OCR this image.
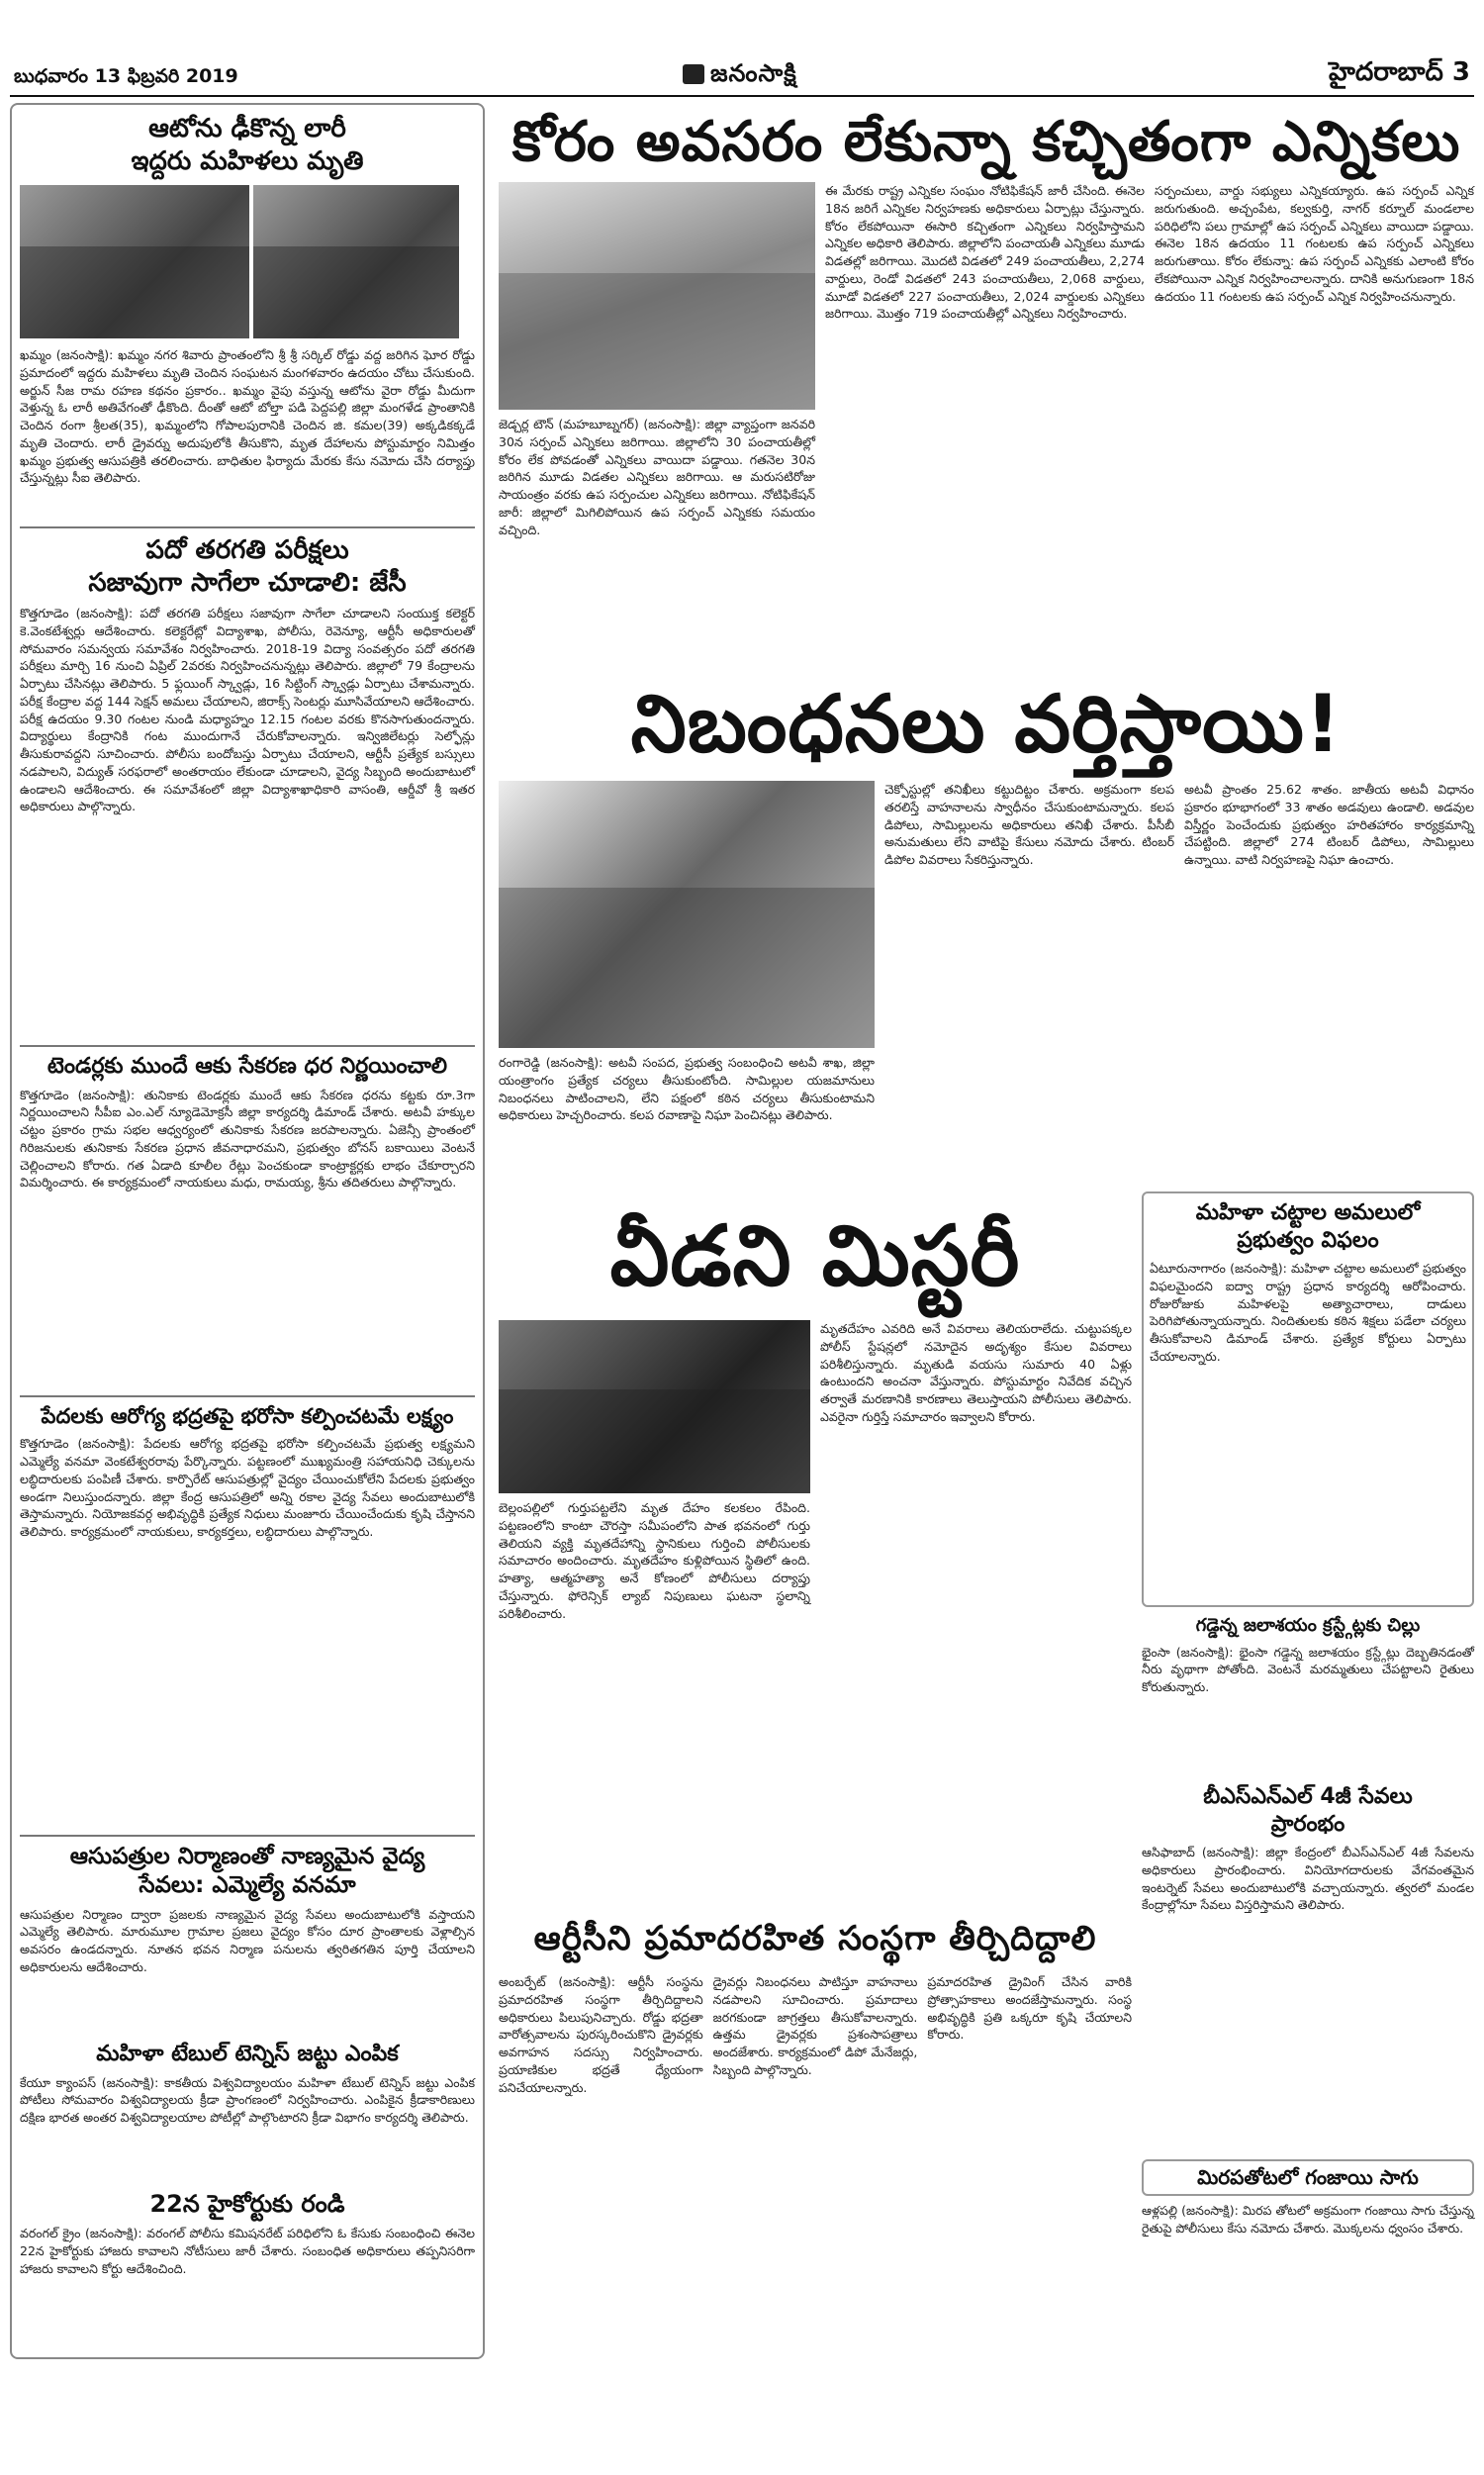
బుధవారం 13 ఫిబ్రవరి 2019	జనంసాక్షి	హైదరాబాద్ 3
ఆటోను ఢీకొన్న లారీ
ఇద్దరు మహిళలు మృతి
ఖమ్మం (జనంసాక్షి): ఖమ్మం నగర శివారు ప్రాంతంలోని శ్రీ శ్రీ సర్కిల్ రోడ్డు వద్ద జరిగిన ఘోర రోడ్డు ప్రమాదంలో ఇద్దరు మహిళలు మృతి చెందిన సంఘటన మంగళవారం ఉదయం చోటు చేసుకుంది. అర్జున్ సీజ రామ రహణ కథనం ప్రకారం.. ఖమ్మం వైపు వస్తున్న ఆటోను వైరా రోడ్డు మీదుగా వెళ్తున్న ఓ లారీ అతివేగంతో ఢీకొంది. దీంతో ఆటో బోల్తా పడి పెద్దపల్లి జిల్లా మంగళేడ ప్రాంతానికి చెందిన రంగా శ్రీలత(35), ఖమ్మంలోని గోపాలపురానికి చెందిన జి. కమల(39) అక్కడికక్కడే మృతి చెందారు. లారీ డ్రైవర్ను అదుపులోకి తీసుకొని, మృత దేహాలను పోస్టుమార్టం నిమిత్తం ఖమ్మం ప్రభుత్వ ఆసుపత్రికి తరలించారు. బాధితుల ఫిర్యాదు మేరకు కేసు నమోదు చేసి దర్యాప్తు చేస్తున్నట్లు సీఐ తెలిపారు.
పదో తరగతి పరీక్షలు
సజావుగా సాగేలా చూడాలి: జేసీ
కొత్తగూడెం (జనంసాక్షి): పదో తరగతి పరీక్షలు సజావుగా సాగేలా చూడాలని సంయుక్త కలెక్టర్ కె.వెంకటేశ్వర్లు ఆదేశించారు. కలెక్టరేట్లో విద్యాశాఖ, పోలీసు, రెవెన్యూ, ఆర్టీసీ అధికారులతో సోమవారం సమన్వయ సమావేశం నిర్వహించారు. 2018-19 విద్యా సంవత్సరం పదో తరగతి పరీక్షలు మార్చి 16 నుంచి ఏప్రిల్ 2వరకు నిర్వహించనున్నట్లు తెలిపారు. జిల్లాలో 79 కేంద్రాలను ఏర్పాటు చేసినట్లు తెలిపారు. 5 ఫ్లయింగ్ స్క్వాడ్లు, 16 సిట్టింగ్ స్క్వాడ్లు ఏర్పాటు చేశామన్నారు. పరీక్ష కేంద్రాల వద్ద 144 సెక్షన్ అమలు చేయాలని, జిరాక్స్ సెంటర్లు మూసివేయాలని ఆదేశించారు. పరీక్ష ఉదయం 9.30 గంటల నుండి మధ్యాహ్నం 12.15 గంటల వరకు కొనసాగుతుందన్నారు. విద్యార్థులు కేంద్రానికి గంట ముందుగానే చేరుకోవాలన్నారు. ఇన్విజిలేటర్లు సెల్ఫోన్లు తీసుకురావద్దని సూచించారు. పోలీసు బందోబస్తు ఏర్పాటు చేయాలని, ఆర్టీసీ ప్రత్యేక బస్సులు నడపాలని, విద్యుత్ సరఫరాలో అంతరాయం లేకుండా చూడాలని, వైద్య సిబ్బంది అందుబాటులో ఉండాలని ఆదేశించారు. ఈ సమావేశంలో జిల్లా విద్యాశాఖాధికారి వాసంతి, ఆర్డీవో శ్రీ ఇతర అధికారులు పాల్గొన్నారు.
టెండర్లకు ముందే ఆకు సేకరణ ధర నిర్ణయించాలి
కొత్తగూడెం (జనంసాక్షి): తునికాకు టెండర్లకు ముందే ఆకు సేకరణ ధరను కట్టకు రూ.3గా నిర్ణయించాలని సీపీఐ ఎం.ఎల్ న్యూడెమోక్రసీ జిల్లా కార్యదర్శి డిమాండ్ చేశారు. అటవీ హక్కుల చట్టం ప్రకారం గ్రామ సభల ఆధ్వర్యంలో తునికాకు సేకరణ జరపాలన్నారు. ఏజెన్సీ ప్రాంతంలో గిరిజనులకు తునికాకు సేకరణ ప్రధాన జీవనాధారమని, ప్రభుత్వం బోనస్ బకాయిలు వెంటనే చెల్లించాలని కోరారు. గత ఏడాది కూలీల రేట్లు పెంచకుండా కాంట్రాక్టర్లకు లాభం చేకూర్చారని విమర్శించారు. ఈ కార్యక్రమంలో నాయకులు మధు, రామయ్య, శ్రీను తదితరులు పాల్గొన్నారు.
పేదలకు ఆరోగ్య భద్రతపై భరోసా కల్పించటమే లక్ష్యం
కొత్తగూడెం (జనంసాక్షి): పేదలకు ఆరోగ్య భద్రతపై భరోసా కల్పించటమే ప్రభుత్వ లక్ష్యమని ఎమ్మెల్యే వనమా వెంకటేశ్వరరావు పేర్కొన్నారు. పట్టణంలో ముఖ్యమంత్రి సహాయనిధి చెక్కులను లబ్ధిదారులకు పంపిణీ చేశారు. కార్పొరేట్ ఆసుపత్రుల్లో వైద్యం చేయించుకోలేని పేదలకు ప్రభుత్వం అండగా నిలుస్తుందన్నారు. జిల్లా కేంద్ర ఆసుపత్రిలో అన్ని రకాల వైద్య సేవలు అందుబాటులోకి తెస్తామన్నారు. నియోజకవర్గ అభివృద్ధికి ప్రత్యేక నిధులు మంజూరు చేయించేందుకు కృషి చేస్తానని తెలిపారు. కార్యక్రమంలో నాయకులు, కార్యకర్తలు, లబ్ధిదారులు పాల్గొన్నారు.
ఆసుపత్రుల నిర్మాణంతో నాణ్యమైన వైద్య
సేవలు: ఎమ్మెల్యే వనమా
ఆసుపత్రుల నిర్మాణం ద్వారా ప్రజలకు నాణ్యమైన వైద్య సేవలు అందుబాటులోకి వస్తాయని ఎమ్మెల్యే తెలిపారు. మారుమూల గ్రామాల ప్రజలు వైద్యం కోసం దూర ప్రాంతాలకు వెళ్లాల్సిన అవసరం ఉండదన్నారు. నూతన భవన నిర్మాణ పనులను త్వరితగతిన పూర్తి చేయాలని అధికారులను ఆదేశించారు.
మహిళా టేబుల్ టెన్నిస్ జట్టు ఎంపిక
కేయూ క్యాంపస్ (జనంసాక్షి): కాకతీయ విశ్వవిద్యాలయం మహిళా టేబుల్ టెన్నిస్ జట్టు ఎంపిక పోటీలు సోమవారం విశ్వవిద్యాలయ క్రీడా ప్రాంగణంలో నిర్వహించారు. ఎంపికైన క్రీడాకారిణులు దక్షిణ భారత అంతర విశ్వవిద్యాలయాల పోటీల్లో పాల్గొంటారని క్రీడా విభాగం కార్యదర్శి తెలిపారు.
22న హైకోర్టుకు రండి
వరంగల్ క్రైం (జనంసాక్షి): వరంగల్ పోలీసు కమిషనరేట్ పరిధిలోని ఓ కేసుకు సంబంధించి ఈనెల 22న హైకోర్టుకు హాజరు కావాలని నోటీసులు జారీ చేశారు. సంబంధిత అధికారులు తప్పనిసరిగా హాజరు కావాలని కోర్టు ఆదేశించింది.
కోరం అవసరం లేకున్నా కచ్చితంగా ఎన్నికలు
జెడ్చర్ల టౌన్ (మహబూబ్నగర్) (జనంసాక్షి): జిల్లా వ్యాప్తంగా జనవరి 30న సర్పంచ్ ఎన్నికలు జరిగాయి. జిల్లాలోని 30 పంచాయతీల్లో కోరం లేక పోవడంతో ఎన్నికలు వాయిదా పడ్డాయి. గతనెల 30న జరిగిన మూడు విడతల ఎన్నికలు జరిగాయి. ఆ మరుసటిరోజు సాయంత్రం వరకు ఉప సర్పంచుల ఎన్నికలు జరిగాయి. నోటిఫికేషన్ జారీ: జిల్లాలో మిగిలిపోయిన ఉప సర్పంచ్ ఎన్నికకు సమయం వచ్చింది.
ఈ మేరకు రాష్ట్ర ఎన్నికల సంఘం నోటిఫికేషన్ జారీ చేసింది. ఈనెల 18న జరిగే ఎన్నికల నిర్వహణకు అధికారులు ఏర్పాట్లు చేస్తున్నారు. కోరం లేకపోయినా ఈసారి కచ్చితంగా ఎన్నికలు నిర్వహిస్తామని ఎన్నికల అధికారి తెలిపారు. జిల్లాలోని పంచాయతీ ఎన్నికలు మూడు విడతల్లో జరిగాయి. మొదటి విడతలో 249 పంచాయతీలు, 2,274 వార్డులు, రెండో విడతలో 243 పంచాయతీలు, 2,068 వార్డులు, మూడో విడతలో 227 పంచాయతీలు, 2,024 వార్డులకు ఎన్నికలు జరిగాయి. మొత్తం 719 పంచాయతీల్లో ఎన్నికలు నిర్వహించారు.
సర్పంచులు, వార్డు సభ్యులు ఎన్నికయ్యారు. ఉప సర్పంచ్ ఎన్నిక జరుగుతుంది. అచ్చంపేట, కల్వకుర్తి, నాగర్ కర్నూల్ మండలాల పరిధిలోని పలు గ్రామాల్లో ఉప సర్పంచ్ ఎన్నికలు వాయిదా పడ్డాయి. ఈనెల 18న ఉదయం 11 గంటలకు ఉప సర్పంచ్ ఎన్నికలు జరుగుతాయి. కోరం లేకున్నా: ఉప సర్పంచ్ ఎన్నికకు ఎలాంటి కోరం లేకపోయినా ఎన్నిక నిర్వహించాలన్నారు. దానికి అనుగుణంగా 18న ఉదయం 11 గంటలకు ఉప సర్పంచ్ ఎన్నిక నిర్వహించనున్నారు.
నిబంధనలు వర్తిస్తాయి!
రంగారెడ్డి (జనంసాక్షి): అటవీ సంపద, ప్రభుత్వ సంబంధించి అటవీ శాఖ, జిల్లా యంత్రాంగం ప్రత్యేక చర్యలు తీసుకుంటోంది. సామిల్లుల యజమానులు నిబంధనలు పాటించాలని, లేని పక్షంలో కఠిన చర్యలు తీసుకుంటామని అధికారులు హెచ్చరించారు. కలప రవాణాపై నిఘా పెంచినట్లు తెలిపారు.
చెక్పోస్టుల్లో తనిఖీలు కట్టుదిట్టం చేశారు. అక్రమంగా కలప తరలిస్తే వాహనాలను స్వాధీనం చేసుకుంటామన్నారు. కలప డిపోలు, సామిల్లులను అధికారులు తనిఖీ చేశారు. పీసీబీ అనుమతులు లేని వాటిపై కేసులు నమోదు చేశారు. టింబర్ డిపోల వివరాలు సేకరిస్తున్నారు.
అటవీ ప్రాంతం 25.62 శాతం. జాతీయ అటవీ విధానం ప్రకారం భూభాగంలో 33 శాతం అడవులు ఉండాలి. అడవుల విస్తీర్ణం పెంచేందుకు ప్రభుత్వం హరితహారం కార్యక్రమాన్ని చేపట్టింది. జిల్లాలో 274 టింబర్ డిపోలు, సామిల్లులు ఉన్నాయి. వాటి నిర్వహణపై నిఘా ఉంచారు.
వీడని మిస్టరీ
బెల్లంపల్లిలో గుర్తుపట్టలేని మృత దేహం కలకలం రేపింది. పట్టణంలోని కాంటా చౌరస్తా సమీపంలోని పాత భవనంలో గుర్తు తెలియని వ్యక్తి మృతదేహాన్ని స్థానికులు గుర్తించి పోలీసులకు సమాచారం అందించారు. మృతదేహం కుళ్లిపోయిన స్థితిలో ఉంది. హత్యా, ఆత్మహత్యా అనే కోణంలో పోలీసులు దర్యాప్తు చేస్తున్నారు. ఫోరెన్సిక్ ల్యాబ్ నిపుణులు ఘటనా స్థలాన్ని పరిశీలించారు.
మృతదేహం ఎవరిది అనే వివరాలు తెలియరాలేదు. చుట్టుపక్కల పోలీస్ స్టేషన్లలో నమోదైన అదృశ్యం కేసుల వివరాలు పరిశీలిస్తున్నారు. మృతుడి వయసు సుమారు 40 ఏళ్లు ఉంటుందని అంచనా వేస్తున్నారు. పోస్టుమార్టం నివేదిక వచ్చిన తర్వాతే మరణానికి కారణాలు తెలుస్తాయని పోలీసులు తెలిపారు. ఎవరైనా గుర్తిస్తే సమాచారం ఇవ్వాలని కోరారు.
ఆర్టీసీని ప్రమాదరహిత సంస్థగా తీర్చిదిద్దాలి
అంబర్పేట్ (జనంసాక్షి): ఆర్టీసీ సంస్థను ప్రమాదరహిత సంస్థగా తీర్చిదిద్దాలని అధికారులు పిలుపునిచ్చారు. రోడ్డు భద్రతా వారోత్సవాలను పురస్కరించుకొని డ్రైవర్లకు అవగాహన సదస్సు నిర్వహించారు. ప్రయాణికుల భద్రతే ధ్యేయంగా పనిచేయాలన్నారు.
డ్రైవర్లు నిబంధనలు పాటిస్తూ వాహనాలు నడపాలని సూచించారు. ప్రమాదాలు జరగకుండా జాగ్రత్తలు తీసుకోవాలన్నారు. ఉత్తమ డ్రైవర్లకు ప్రశంసాపత్రాలు అందజేశారు. కార్యక్రమంలో డిపో మేనేజర్లు, సిబ్బంది పాల్గొన్నారు.
ప్రమాదరహిత డ్రైవింగ్ చేసిన వారికి ప్రోత్సాహకాలు అందజేస్తామన్నారు. సంస్థ అభివృద్ధికి ప్రతి ఒక్కరూ కృషి చేయాలని కోరారు.
మహిళా చట్టాల అమలులో
ప్రభుత్వం విఫలం
ఏటూరునాగారం (జనంసాక్షి): మహిళా చట్టాల అమలులో ప్రభుత్వం విఫలమైందని ఐద్వా రాష్ట్ర ప్రధాన కార్యదర్శి ఆరోపించారు. రోజురోజుకు మహిళలపై అత్యాచారాలు, దాడులు పెరిగిపోతున్నాయన్నారు. నిందితులకు కఠిన శిక్షలు పడేలా చర్యలు తీసుకోవాలని డిమాండ్ చేశారు. ప్రత్యేక కోర్టులు ఏర్పాటు చేయాలన్నారు.
గడ్డెన్న జలాశయం క్రస్ట్గేట్లకు చిల్లు
భైంసా (జనంసాక్షి): భైంసా గడ్డెన్న జలాశయం క్రస్ట్గేట్లు దెబ్బతినడంతో నీరు వృథాగా పోతోంది. వెంటనే మరమ్మతులు చేపట్టాలని రైతులు కోరుతున్నారు.
బీఎస్ఎన్ఎల్ 4జీ సేవలు
ప్రారంభం
ఆసిఫాబాద్ (జనంసాక్షి): జిల్లా కేంద్రంలో బీఎస్ఎన్ఎల్ 4జీ సేవలను అధికారులు ప్రారంభించారు. వినియోగదారులకు వేగవంతమైన ఇంటర్నెట్ సేవలు అందుబాటులోకి వచ్చాయన్నారు. త్వరలో మండల కేంద్రాల్లోనూ సేవలు విస్తరిస్తామని తెలిపారు.
మిరపతోటలో గంజాయి సాగు
ఆళ్లపల్లి (జనంసాక్షి): మిరప తోటలో అక్రమంగా గంజాయి సాగు చేస్తున్న రైతుపై పోలీసులు కేసు నమోదు చేశారు. మొక్కలను ధ్వంసం చేశారు.
